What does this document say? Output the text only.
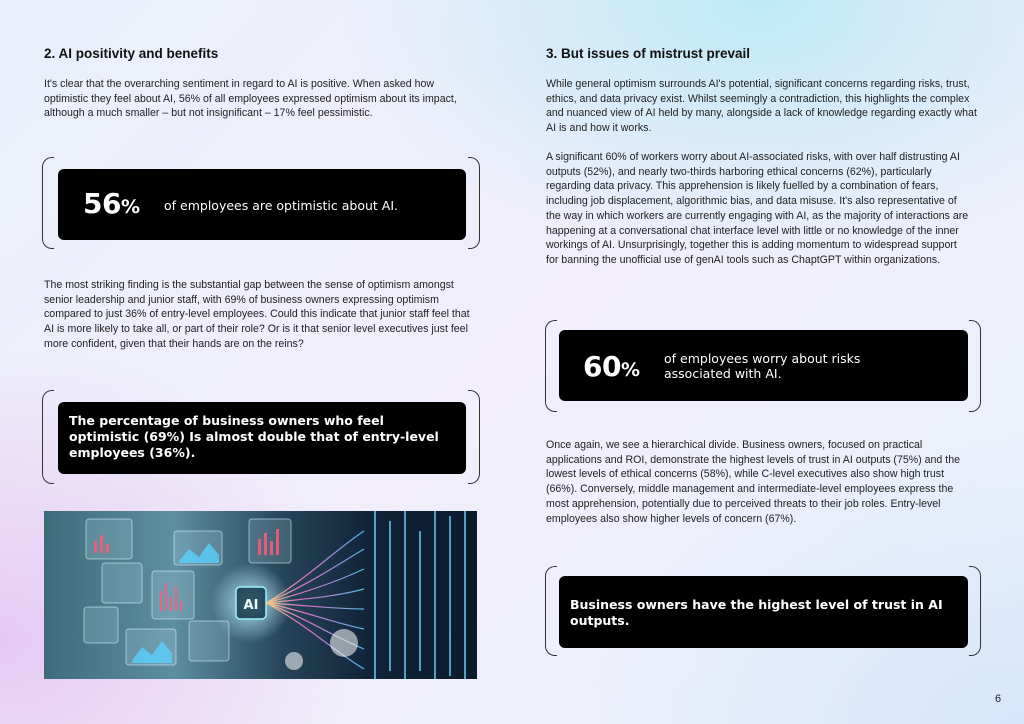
2. AI positivity and benefits

It's clear that the overarching sentiment in regard to AI is positive. When asked how optimistic they feel about AI, 56% of all employees expressed optimism about its impact, although a much smaller – but not insignificant – 17% feel pessimistic.

56% of employees are optimistic about AI.

The most striking finding is the substantial gap between the sense of optimism amongst senior leadership and junior staff, with 69% of business owners expressing optimism compared to just 36% of entry-level employees. Could this indicate that junior staff feel that AI is more likely to take all, or part of their role? Or is it that senior level executives just feel more confident, given that their hands are on the reins?

The percentage of business owners who feel optimistic (69%) Is almost double that of entry-level employees (36%).
AI
3. But issues of mistrust prevail

While general optimism surrounds AI's potential, significant concerns regarding risks, trust, ethics, and data privacy exist. Whilst seemingly a contradiction, this highlights the complex and nuanced view of AI held by many, alongside a lack of knowledge regarding exactly what AI is and how it works.

A significant 60% of workers worry about AI-associated risks, with over half distrusting AI outputs (52%), and nearly two-thirds harboring ethical concerns (62%), particularly regarding data privacy. This apprehension is likely fuelled by a combination of fears, including job displacement, algorithmic bias, and data misuse. It's also representative of the way in which workers are currently engaging with AI, as the majority of interactions are happening at a conversational chat interface level with little or no knowledge of the inner workings of AI. Unsurprisingly, together this is adding momentum to widespread support for banning the unofficial use of genAI tools such as ChaptGPT within organizations.

60%
of employees worry about risks associated with AI.

Once again, we see a hierarchical divide. Business owners, focused on practical applications and ROI, demonstrate the highest levels of trust in AI outputs (75%) and the lowest levels of ethical concerns (58%), while C-level executives also show high trust (66%). Conversely, middle management and intermediate-level employees express the most apprehension, potentially due to perceived threats to their job roles. Entry-level employees also show higher levels of concern (67%).

Business owners have the highest level of trust in AI outputs.
6
